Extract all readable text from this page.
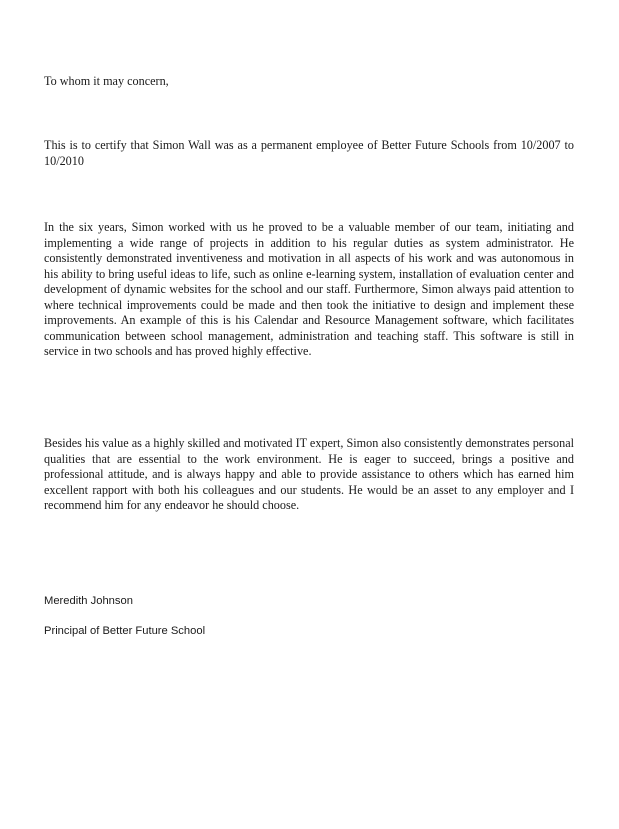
To whom it may concern,

This is to certify that Simon Wall was as a permanent employee of Better Future Schools from 10/2007 to 10/2010

In the six years, Simon worked with us he proved to be a valuable member of our team, initiating and implementing a wide range of projects in addition to his regular duties as system administrator. He consistently demonstrated inventiveness and motivation in all aspects of his work and was autonomous in his ability to bring useful ideas to life, such as online e-learning system, installation of evaluation center and development of dynamic websites for the school and our staff. Furthermore, Simon always paid attention to where technical improvements could be made and then took the initiative to design and implement these improvements. An example of this is his Calendar and Resource Management software, which facilitates communication between school management, administration and teaching staff. This software is still in service in two schools and has proved highly effective.

Besides his value as a highly skilled and motivated IT expert, Simon also consistently demonstrates personal qualities that are essential to the work environment. He is eager to succeed, brings a positive and professional attitude, and is always happy and able to provide assistance to others which has earned him excellent rapport with both his colleagues and our students. He would be an asset to any employer and I recommend him for any endeavor he should choose.

Meredith Johnson

Principal of Better Future School
